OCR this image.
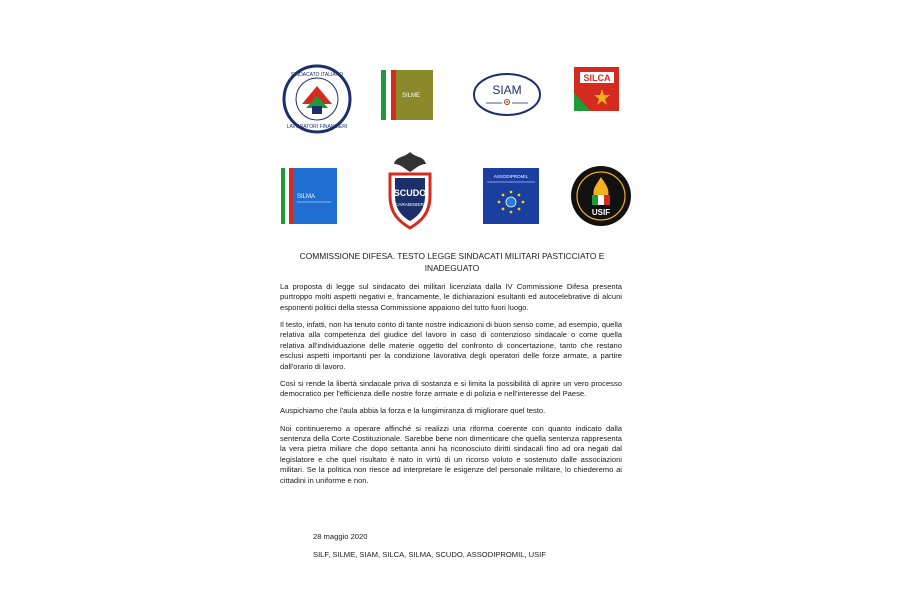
SINDACATO ITALIANO
LAVORATORI FINANZIERI
SILME	SIAM
SILCA
SILMA	SCUDO
CARABINIERI
ASSODIPROMIL
USIF
COMMISSIONE DIFESA. TESTO LEGGE SINDACATI MILITARI PASTICCIATO E INADEGUATO

La proposta di legge sul sindacato dei militari licenziata dalla IV Commissione Difesa presenta purtroppo molti aspetti negativi e, francamente, le dichiarazioni esultanti ed autocelebrative di alcuni esponenti politici della stessa Commissione appaiono del tutto fuori luogo.

Il testo, infatti, non ha tenuto conto di tante nostre indicazioni di buon senso come, ad esempio, quella relativa alla competenza del giudice del lavoro in caso di contenzioso sindacale o come quella relativa all'individuazione delle materie oggetto del confronto di concertazione, tanto che restano esclusi aspetti importanti per la condizione lavorativa degli operatori delle forze armate, a partire dall'orario di lavoro.

Così si rende la libertà sindacale priva di sostanza e si limita la possibilità di aprire un vero processo democratico per l'efficienza delle nostre forze armate e di polizia e nell'interesse del Paese.

Auspichiamo che l'aula abbia la forza e la lungimiranza di migliorare quel testo.

Noi continueremo a operare affinché si realizzi una riforma coerente con quanto indicato dalla sentenza della Corte Costituzionale. Sarebbe bene non dimenticare che quella sentenza rappresenta la vera pietra miliare che dopo settanta anni ha riconosciuto diritti sindacali fino ad ora negati dal legislatore e che quel risultato è nato in virtù di un ricorso voluto e sostenuto dalle associazioni militari. Se la politica non riesce ad interpretare le esigenze del personale militare, lo chiederemo ai cittadini in uniforme e non.

28 maggio 2020
SILF, SILME, SIAM, SILCA, SILMA, SCUDO, ASSODIPROMIL, USIF
